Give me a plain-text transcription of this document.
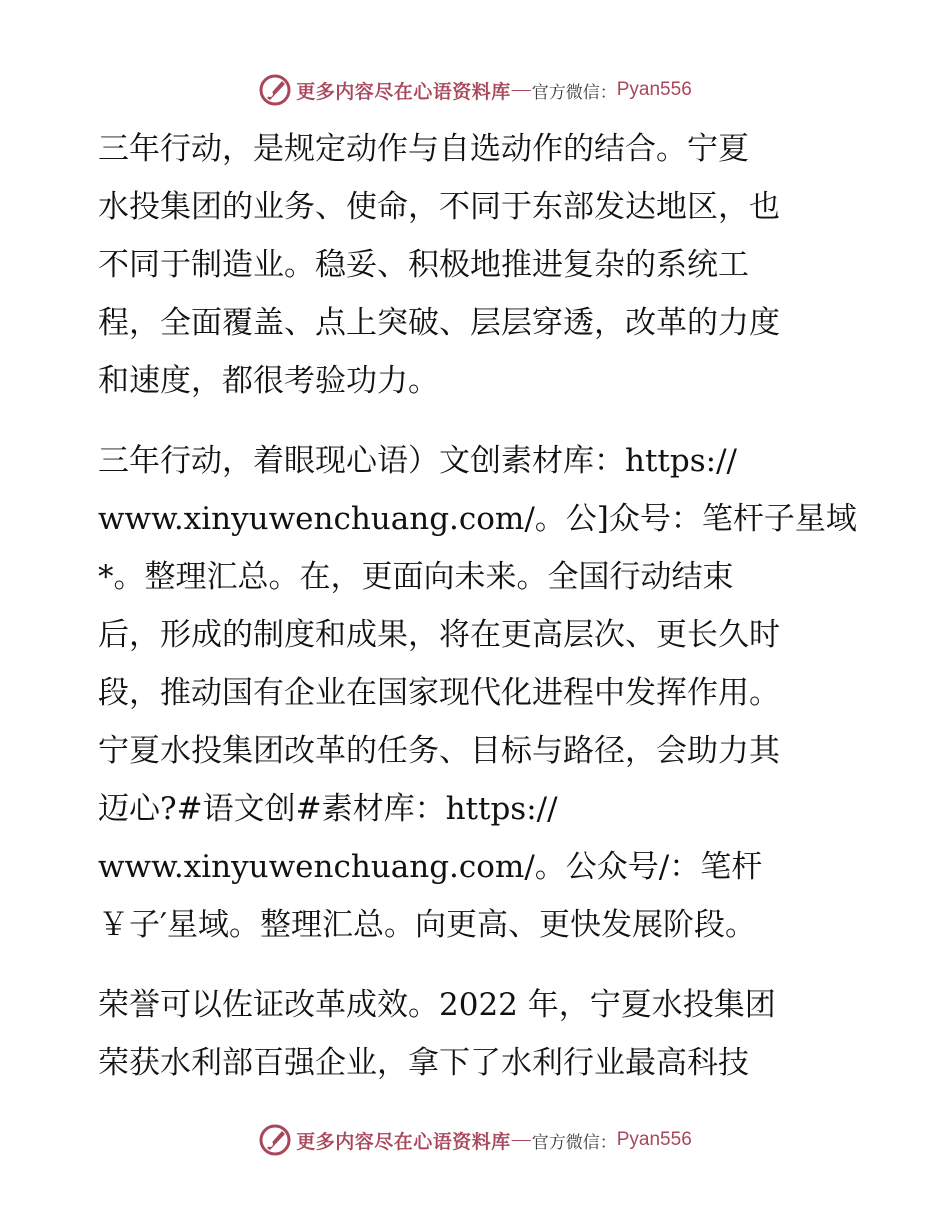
更多内容尽在心语资料库 — 官方微信： Pyan556
三年行动，是规定动作与自选动作的结合。宁夏
水投集团的业务、使命，不同于东部发达地区，也
不同于制造业。稳妥、积极地推进复杂的系统工
程，全面覆盖、点上突破、层层穿透，改革的力度
和速度，都很考验功力。
三年行动，着眼现心语）文创素材库：https://
www.xinyuwenchuang.com/。公]众号：笔杆子星域
*。整理汇总。在，更面向未来。全国行动结束
后，形成的制度和成果，将在更高层次、更长久时
段，推动国有企业在国家现代化进程中发挥作用。
宁夏水投集团改革的任务、目标与路径，会助力其
迈心?#语文创#素材库：https://
www.xinyuwenchuang.com/。公众号/：笔杆
￥子′星域。整理汇总。向更高、更快发展阶段。
荣誉可以佐证改革成效。2022 年，宁夏水投集团
荣获水利部百强企业，拿下了水利行业最高科技
更多内容尽在心语资料库 — 官方微信： Pyan556
